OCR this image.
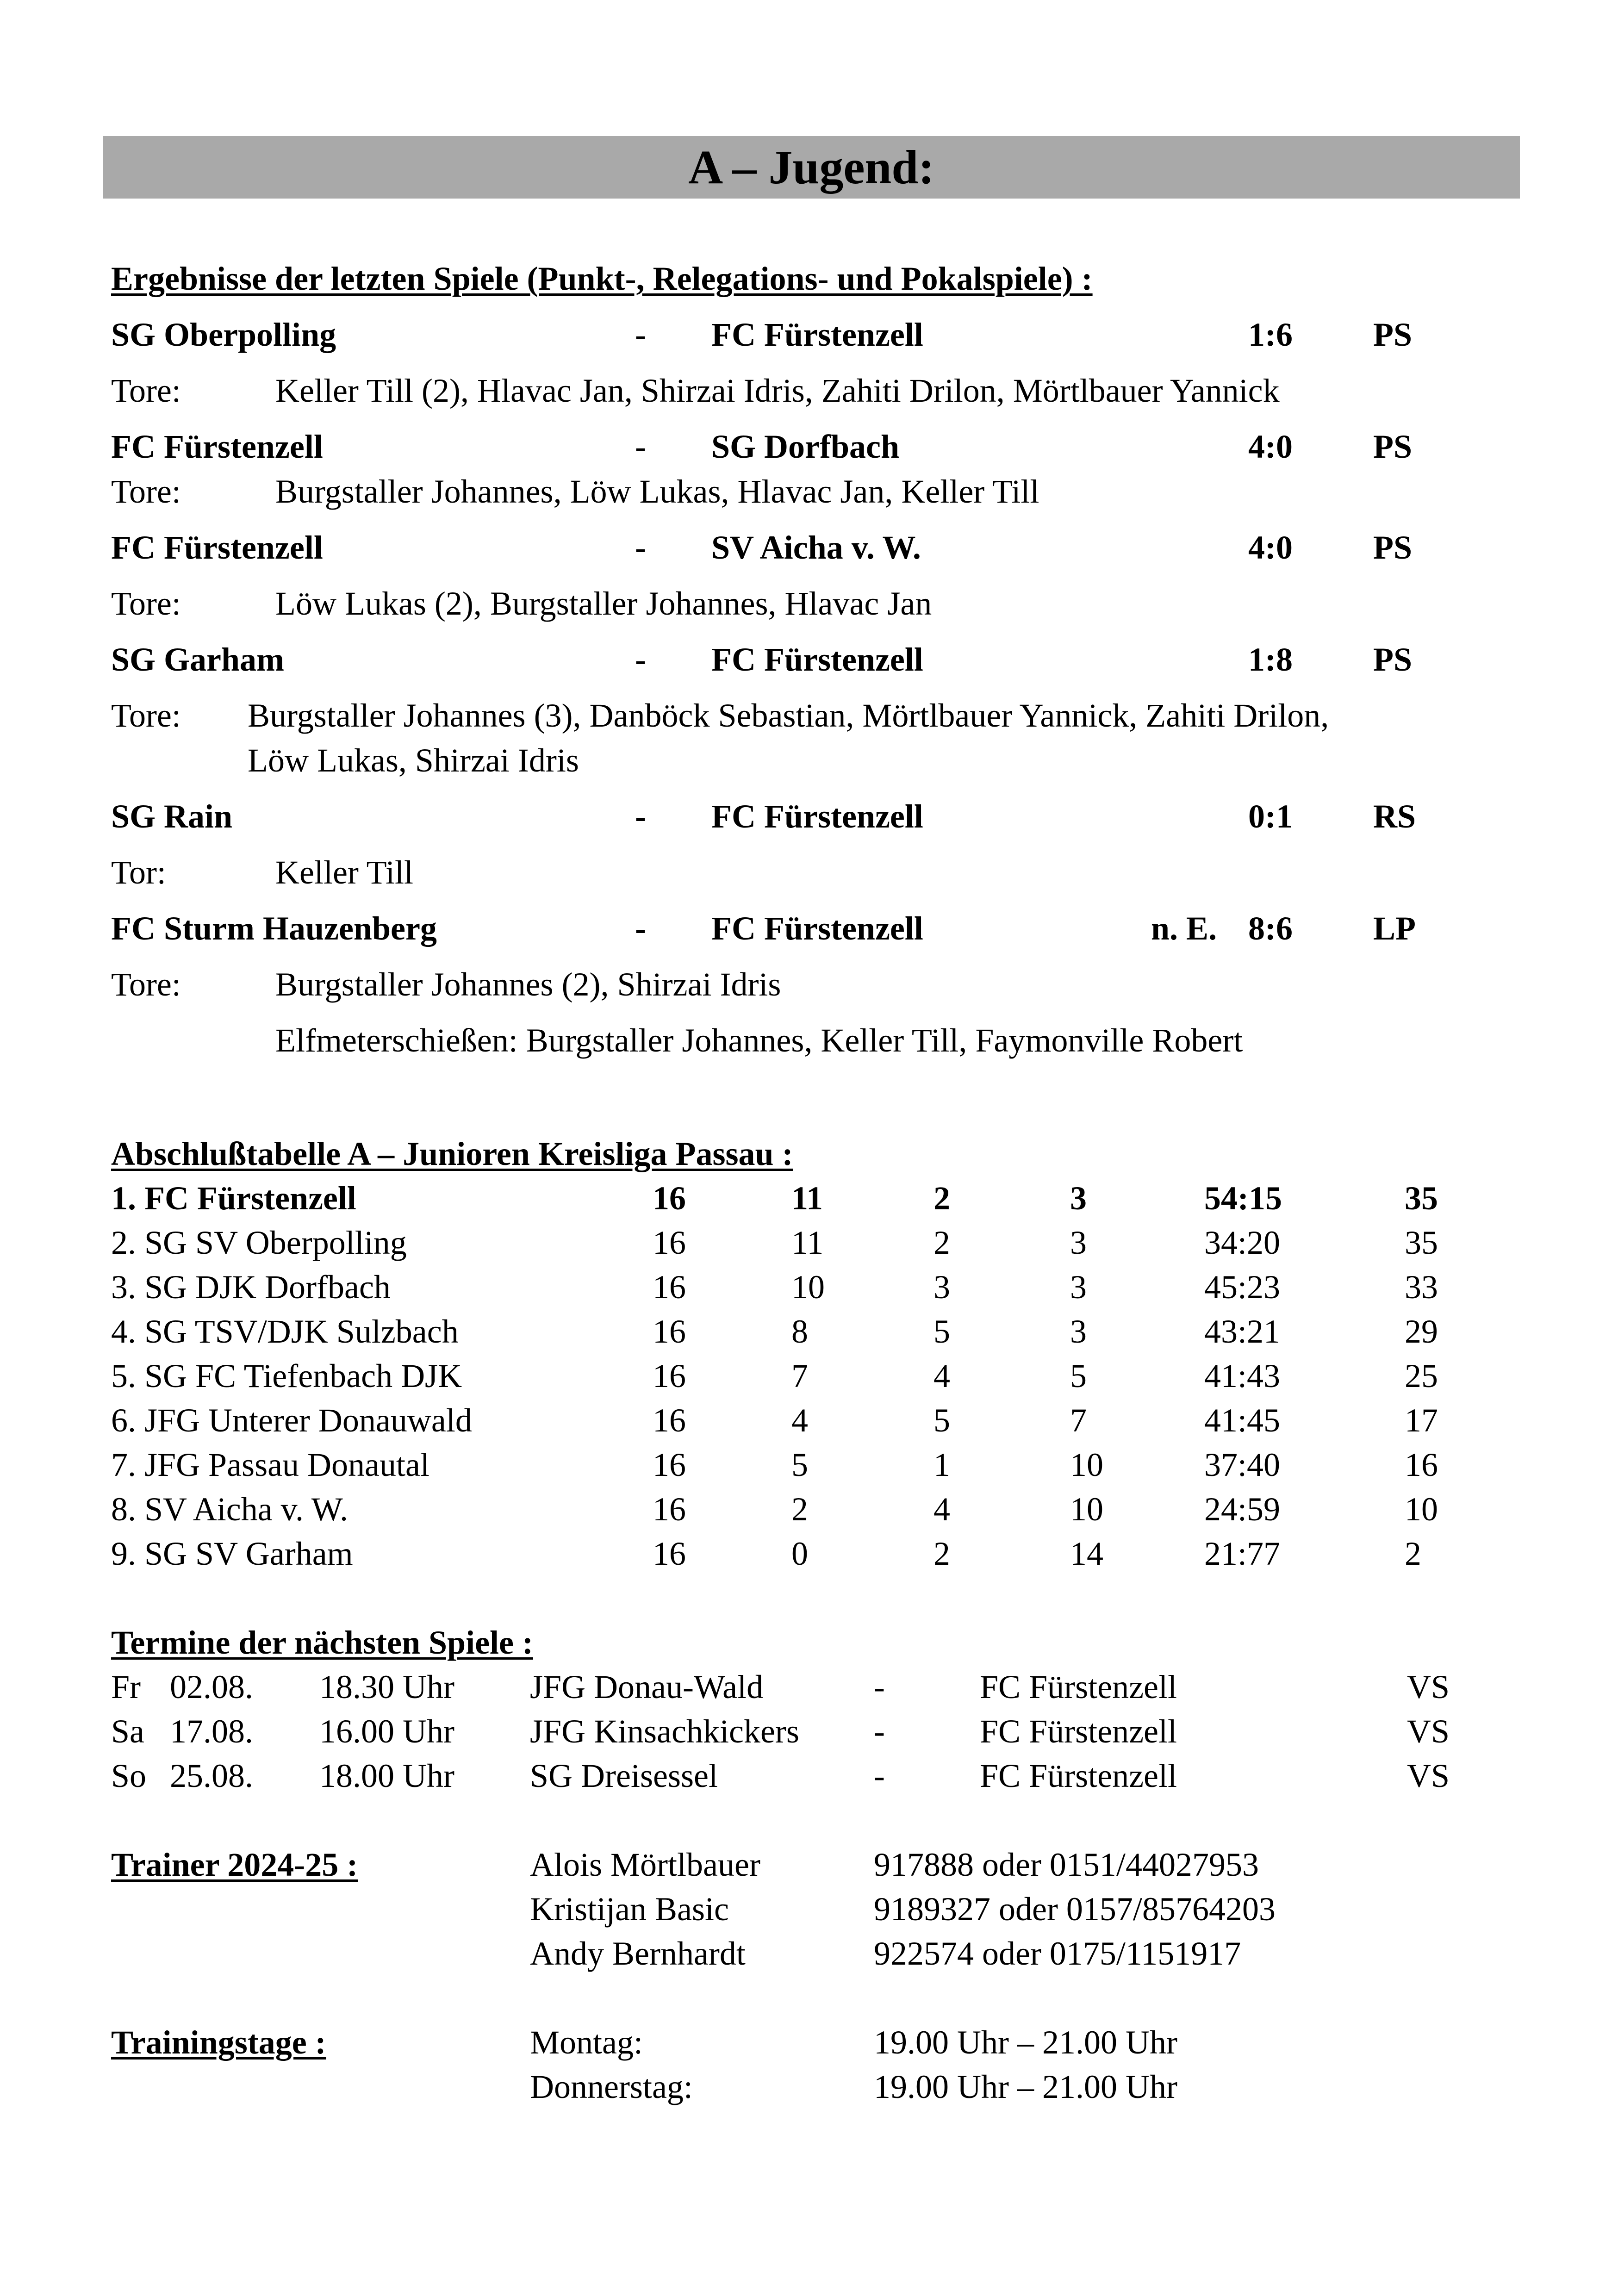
A – Jugend:
Ergebnisse der letzten Spiele (Punkt-, Relegations- und Pokalspiele) :
SG Oberpolling	- FC Fürstenzell	1:6 PS
Tore:	Keller Till (2), Hlavac Jan, Shirzai Idris, Zahiti Drilon, Mörtlbauer Yannick
FC Fürstenzell	- SG Dorfbach	4:0 PS
Tore:	Burgstaller Johannes, Löw Lukas, Hlavac Jan, Keller Till
FC Fürstenzell	- SV Aicha v. W.	4:0 PS
Tore:	Löw Lukas (2), Burgstaller Johannes, Hlavac Jan
SG Garham	- FC Fürstenzell	1:8 PS
Tore: Burgstaller Johannes (3), Danböck Sebastian, Mörtlbauer Yannick, Zahiti Drilon,
Löw Lukas, Shirzai Idris
SG Rain	- FC Fürstenzell	0:1 RS
Tor:	Keller Till
FC Sturm Hauzenberg	- FC Fürstenzell	n. E. 8:6 LP
Tore:	Burgstaller Johannes (2), Shirzai Idris
Elfmeterschießen: Burgstaller Johannes, Keller Till, Faymonville Robert
Abschlußtabelle A – Junioren Kreisliga Passau :
1. FC Fürstenzell	16	11	2	3	54:15	35
2. SG SV Oberpolling	16	11	2	3	34:20	35
3. SG DJK Dorfbach	16	10	3	3	45:23	33
4. SG TSV/DJK Sulzbach	16	8	5	3	43:21	29
5. SG FC Tiefenbach DJK	16	7	4	5	41:43	25
6. JFG Unterer Donauwald	16	4	5	7	41:45	17
7. JFG Passau Donautal	16	5	1	10	37:40	16
8. SV Aicha v. W.	16	2	4	10	24:59	10
9. SG SV Garham	16	0	2	14	21:77	2
Termine der nächsten Spiele :
Fr 02.08. 18.30 Uhr JFG Donau-Wald	-	FC Fürstenzell	VS
Sa 17.08. 16.00 Uhr JFG Kinsachkickers -	FC Fürstenzell	VS
So 25.08. 18.00 Uhr SG Dreisessel	-	FC Fürstenzell	VS
Trainer 2024-25 :	Alois Mörtlbauer	917888 oder 0151/44027953
Kristijan Basic	9189327 oder 0157/85764203
Andy Bernhardt	922574 oder 0175/1151917
Trainingstage :	Montag:	19.00 Uhr – 21.00 Uhr
Donnerstag:	19.00 Uhr – 21.00 Uhr
